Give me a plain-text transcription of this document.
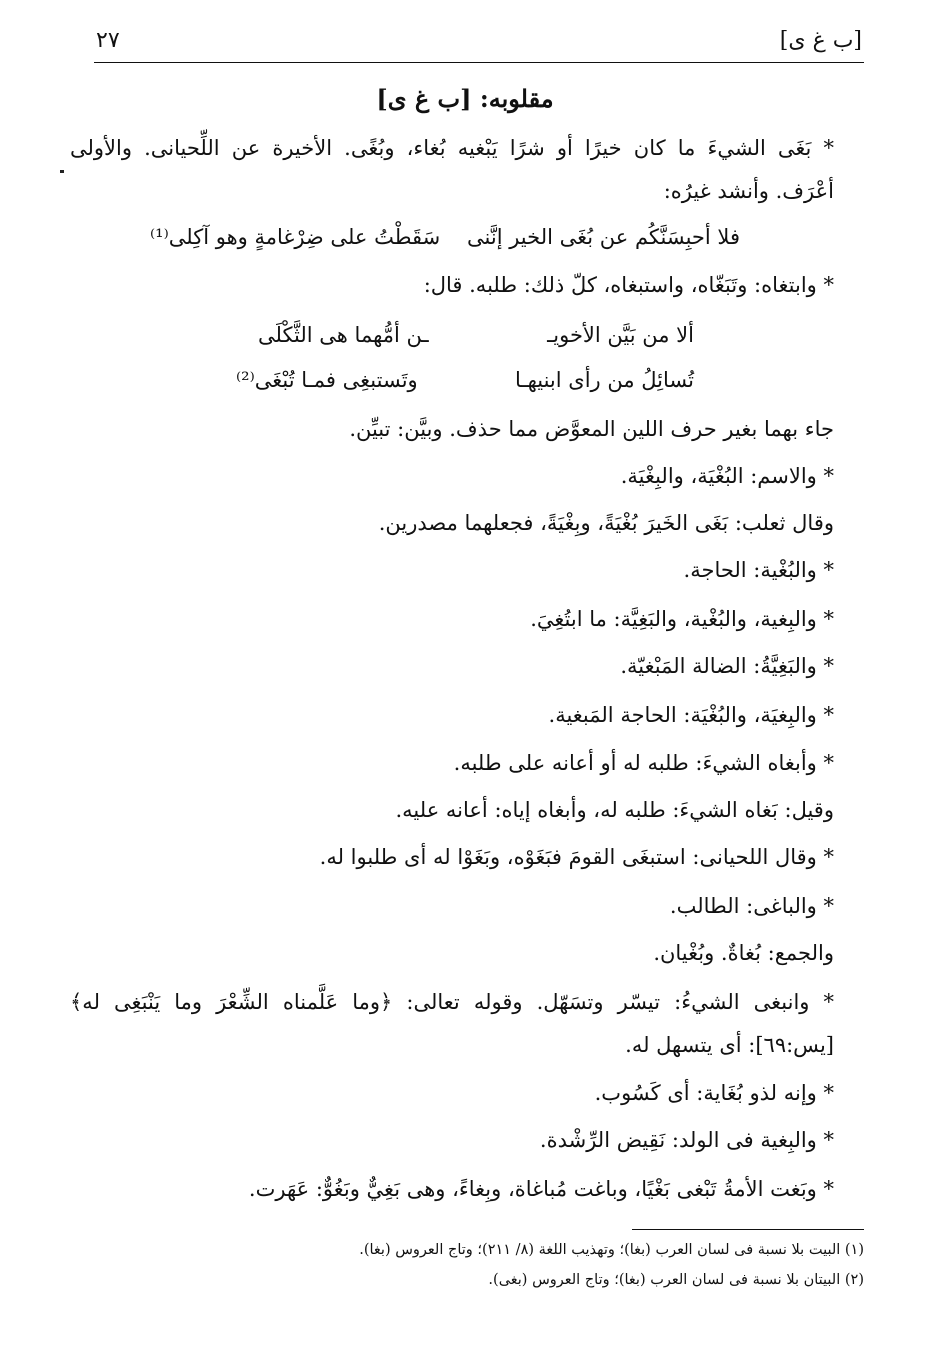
[ب غ ى]
٢٧
مقلوبه: [ب غ ى]
* بَغَى الشيءَ ما كان خيرًا أو شرًا يَبْغيه بُغاء، وبُغًى. الأخيرة عن اللِّحيانى. والأولى
أعْرَف. وأنشد غيرُه:
فلا أحبِسَنَّكُم عن بُغَى الخير إنَّنى
سَقَطْتُ على ضِرْغامةٍ وهو آكِلى⁽¹⁾
* وابتغاه: وتَبَغّاه، واستبغاه، كلّ ذلك: طلبه. قال:
ألا من بَيَّن الأخويـ
ـن أمُّهما هى الثَّكْلَى
تُسائِلُ من رأى ابنيهـا
وتَستبغِى فمـا تُبْغَى⁽²⁾
جاء بهما بغير حرف اللين المعوَّض مما حذف. وبيَّن: تبيِّن.
* والاسم: البُغْيَة، والبِغْيَة.
وقال ثعلب: بَغَى الخَيرَ بُغْيَةً، وبِغْيَةً، فجعلهما مصدرين.
* والبُغْية: الحاجة.
* والبِغية، والبُغْية، والبَغِيَّة: ما ابتُغِيَ.
* والبَغِيَّةُ: الضالة المَبْغيّة.
* والبِغيَة، والبُغْيَة: الحاجة المَبغية.
* وأبغاه الشيءَ: طلبه له أو أعانه على طلبه.
وقيل: بَغاه الشيءَ: طلبه له، وأبغاه إياه: أعانه عليه.
* وقال اللحيانى: استبغَى القومَ فبَغَوْه، وبَغَوْا له أى طلبوا له.
* والباغى: الطالب.
والجمع: بُغاةٌ. وبُغْيان.
* وانبغى الشيءُ: تيسّر وتسَهّل. وقوله تعالى: ﴿وما عَلَّمناه الشِّعْرَ وما يَنْبَغِى له﴾
[يس:٦٩]: أى يتسهل له.
* وإنه لذو بُغَاية: أى كَسُوب.
* والبِغية فى الولد: نَقِيض الرِّشْدة.
* وبَغت الأمةُ تَبْغى بَغْيًا، وباغت مُباغاة، وبِغاءً، وهى بَغِيٌّ وبَغُوٌّ: عَهَرت.
(١) البيت بلا نسبة فى لسان العرب (بغا)؛ وتهذيب اللغة (٨/ ٢١١)؛ وتاج العروس (بغا).
(٢) البيتان بلا نسبة فى لسان العرب (بغا)؛ وتاج العروس (بغى).
